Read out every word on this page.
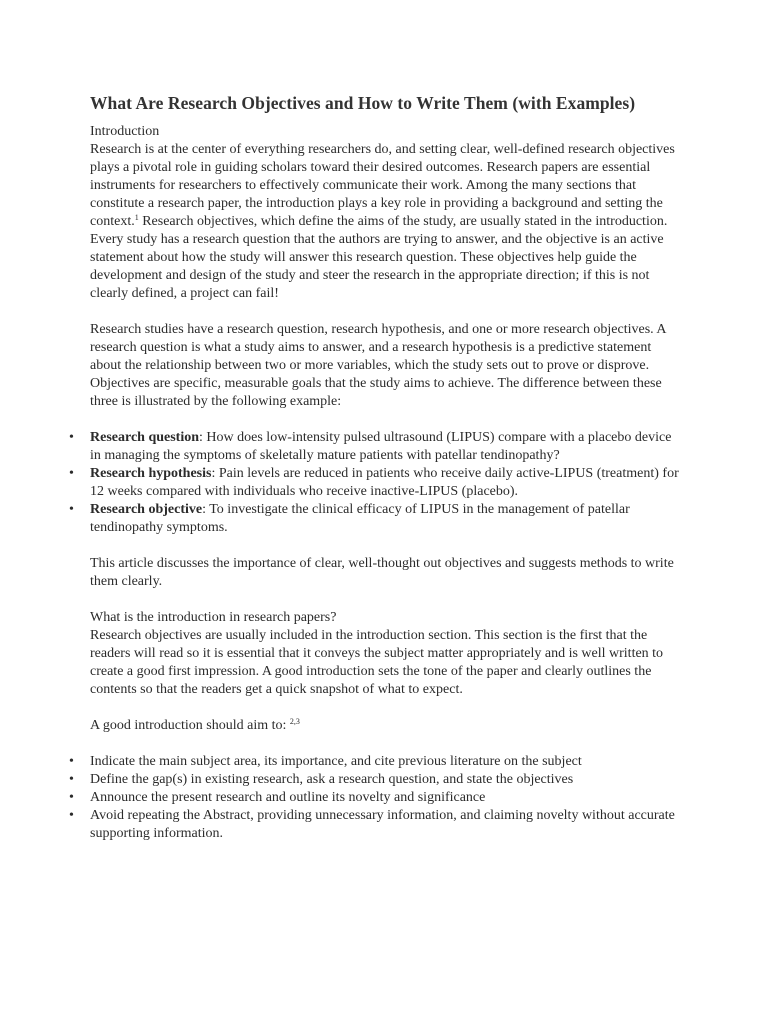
What Are Research Objectives and How to Write Them (with Examples)

Introduction

Research is at the center of everything researchers do, and setting clear, well-defined research objectives plays a pivotal role in guiding scholars toward their desired outcomes. Research papers are essential instruments for researchers to effectively communicate their work. Among the many sections that constitute a research paper, the introduction plays a key role in providing a background and setting the context.$^1$ Research objectives, which define the aims of the study, are usually stated in the introduction. Every study has a research question that the authors are trying to answer, and the objective is an active statement about how the study will answer this research question. These objectives help guide the development and design of the study and steer the research in the appropriate direction; if this is not clearly defined, a project can fail!

Research studies have a research question, research hypothesis, and one or more research objectives. A research question is what a study aims to answer, and a research hypothesis is a predictive statement about the relationship between two or more variables, which the study sets out to prove or disprove. Objectives are specific, measurable goals that the study aims to achieve. The difference between these three is illustrated by the following example:

• Research question: How does low-intensity pulsed ultrasound (LIPUS) compare with a placebo device in managing the symptoms of skeletally mature patients with patellar tendinopathy?
• Research hypothesis: Pain levels are reduced in patients who receive daily active-LIPUS (treatment) for 12 weeks compared with individuals who receive inactive-LIPUS (placebo).
• Research objective: To investigate the clinical efficacy of LIPUS in the management of patellar tendinopathy symptoms.

This article discusses the importance of clear, well-thought out objectives and suggests methods to write them clearly.

What is the introduction in research papers?

Research objectives are usually included in the introduction section. This section is the first that the readers will read so it is essential that it conveys the subject matter appropriately and is well written to create a good first impression. A good introduction sets the tone of the paper and clearly outlines the contents so that the readers get a quick snapshot of what to expect.

A good introduction should aim to: $^{2,3}$

• Indicate the main subject area, its importance, and cite previous literature on the subject
• Define the gap(s) in existing research, ask a research question, and state the objectives
• Announce the present research and outline its novelty and significance
• Avoid repeating the Abstract, providing unnecessary information, and claiming novelty without accurate supporting information.
